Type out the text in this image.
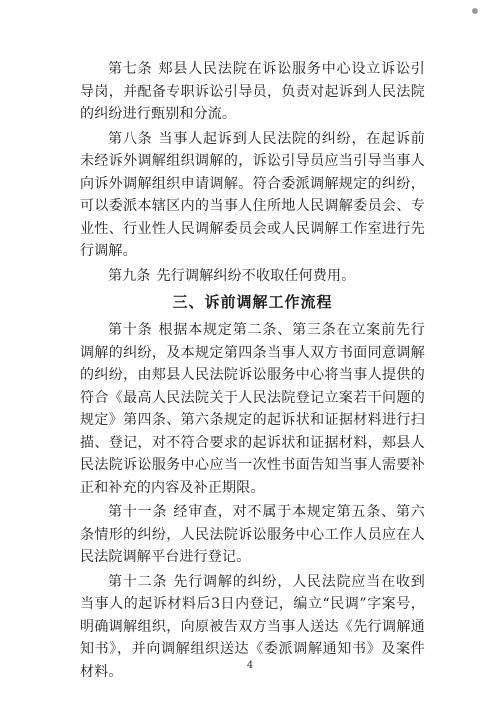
第七条 郏县人民法院在诉讼服务中心设立诉讼引导岗，并配备专职诉讼引导员，负责对起诉到人民法院的纠纷进行甄别和分流。

第八条 当事人起诉到人民法院的纠纷，在起诉前未经诉外调解组织调解的，诉讼引导员应当引导当事人向诉外调解组织申请调解。符合委派调解规定的纠纷，可以委派本辖区内的当事人住所地人民调解委员会、专业性、行业性人民调解委员会或人民调解工作室进行先行调解。

第九条 先行调解纠纷不收取任何费用。

三、诉前调解工作流程

第十条 根据本规定第二条、第三条在立案前先行调解的纠纷，及本规定第四条当事人双方书面同意调解的纠纷，由郏县人民法院诉讼服务中心将当事人提供的符合《最高人民法院关于人民法院登记立案若干问题的规定》第四条、第六条规定的起诉状和证据材料进行扫描、登记，对不符合要求的起诉状和证据材料，郏县人民法院诉讼服务中心应当一次性书面告知当事人需要补正和补充的内容及补正期限。

第十一条 经审查，对不属于本规定第五条、第六条情形的纠纷，人民法院诉讼服务中心工作人员应在人民法院调解平台进行登记。

第十二条 先行调解的纠纷，人民法院应当在收到当事人的起诉材料后3日内登记，编立“民调”字案号，明确调解组织，向原被告双方当事人送达《先行调解通知书》，并向调解组织送达《委派调解通知书》及案件材料。	4
